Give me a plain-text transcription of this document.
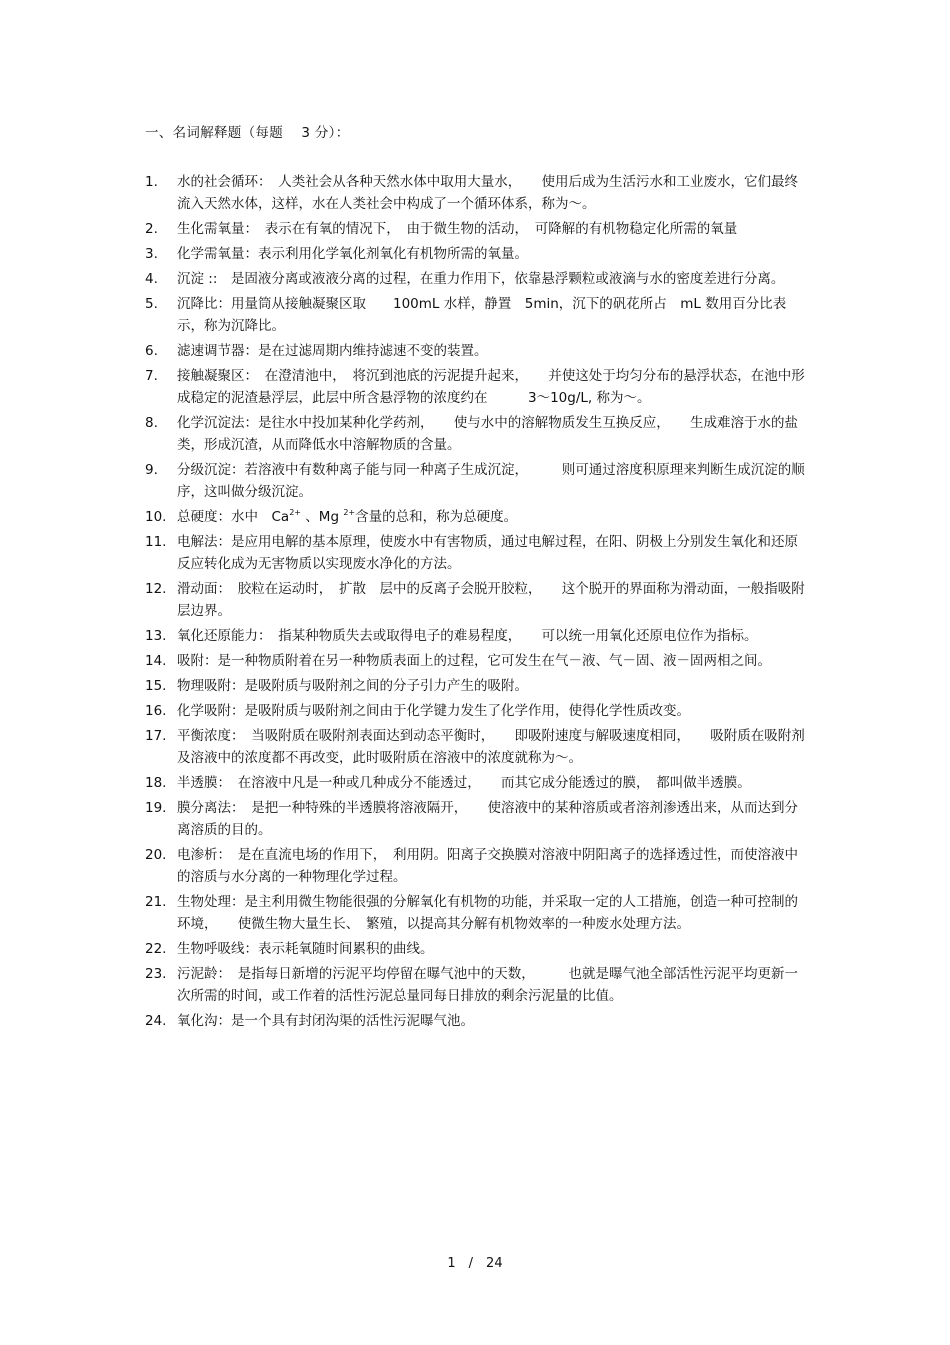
一、名词解释题（每题　 3 分）：
1.	水的社会循环：　人类社会从各种天然水体中取用大量水，　　使用后成为生活污水和工业废水，它们最终流入天然水体，这样，水在人类社会中构成了一个循环体系，称为～。
2.	生化需氧量：　表示在有氧的情况下，　由于微生物的活动，　可降解的有机物稳定化所需的氧量
3.	化学需氧量：表示利用化学氧化剂氧化有机物所需的氧量。
4.	沉淀 ::　是固液分离或液液分离的过程，在重力作用下，依靠悬浮颗粒或液滴与水的密度差进行分离。
5.	沉降比：用量筒从接触凝聚区取　　100mL 水样，静置　5min，沉下的矾花所占　mL 数用百分比表示，称为沉降比。
6.	滤速调节器：是在过滤周期内维持滤速不变的装置。
7.	接触凝聚区：　在澄清池中，　将沉到池底的污泥提升起来，　　并使这处于均匀分布的悬浮状态，在池中形成稳定的泥渣悬浮层，此层中所含悬浮物的浓度约在　　　3～10g/L, 称为～。
8.	化学沉淀法：是往水中投加某种化学药剂，　　使与水中的溶解物质发生互换反应，　　生成难溶于水的盐类，形成沉渣，从而降低水中溶解物质的含量。
9.	分级沉淀：若溶液中有数种离子能与同一种离子生成沉淀，　　　则可通过溶度积原理来判断生成沉淀的顺序，这叫做分级沉淀。
10. 总硬度：水中　$Ca^{2+}$ 、Mg $^{2+}$含量的总和，称为总硬度。
11. 电解法：是应用电解的基本原理，使废水中有害物质，通过电解过程，在阳、阴极上分别发生氧化和还原反应转化成为无害物质以实现废水净化的方法。
12. 滑动面：　胶粒在运动时，　扩散　层中的反离子会脱开胶粒，　　这个脱开的界面称为滑动面，一般指吸附层边界。
13. 氧化还原能力：　指某种物质失去或取得电子的难易程度，　　可以统一用氧化还原电位作为指标。
14. 吸附：是一种物质附着在另一种物质表面上的过程，它可发生在气－液、气－固、液－固两相之间。
15. 物理吸附：是吸附质与吸附剂之间的分子引力产生的吸附。
16. 化学吸附：是吸附质与吸附剂之间由于化学键力发生了化学作用，使得化学性质改变。
17. 平衡浓度：　当吸附质在吸附剂表面达到动态平衡时，　　即吸附速度与解吸速度相同，　　吸附质在吸附剂及溶液中的浓度都不再改变，此时吸附质在溶液中的浓度就称为～。
18. 半透膜：　在溶液中凡是一种或几种成分不能透过，　　而其它成分能透过的膜，　都叫做半透膜。
19. 膜分离法：　是把一种特殊的半透膜将溶液隔开，　　使溶液中的某种溶质或者溶剂渗透出来，从而达到分离溶质的目的。
20. 电渗析：　是在直流电场的作用下，　利用阴。阳离子交换膜对溶液中阴阳离子的选择透过性，而使溶液中的溶质与水分离的一种物理化学过程。
21. 生物处理：是主利用微生物能很强的分解氧化有机物的功能，并采取一定的人工措施，创造一种可控制的环境，　　使微生物大量生长、　繁殖，以提高其分解有机物效率的一种废水处理方法。
22. 生物呼吸线：表示耗氧随时间累积的曲线。
23. 污泥龄：　是指每日新增的污泥平均停留在曝气池中的天数，　　　也就是曝气池全部活性污泥平均更新一次所需的时间，或工作着的活性污泥总量同每日排放的剩余污泥量的比值。
24. 氧化沟：是一个具有封闭沟渠的活性污泥曝气池。
1　/　24
